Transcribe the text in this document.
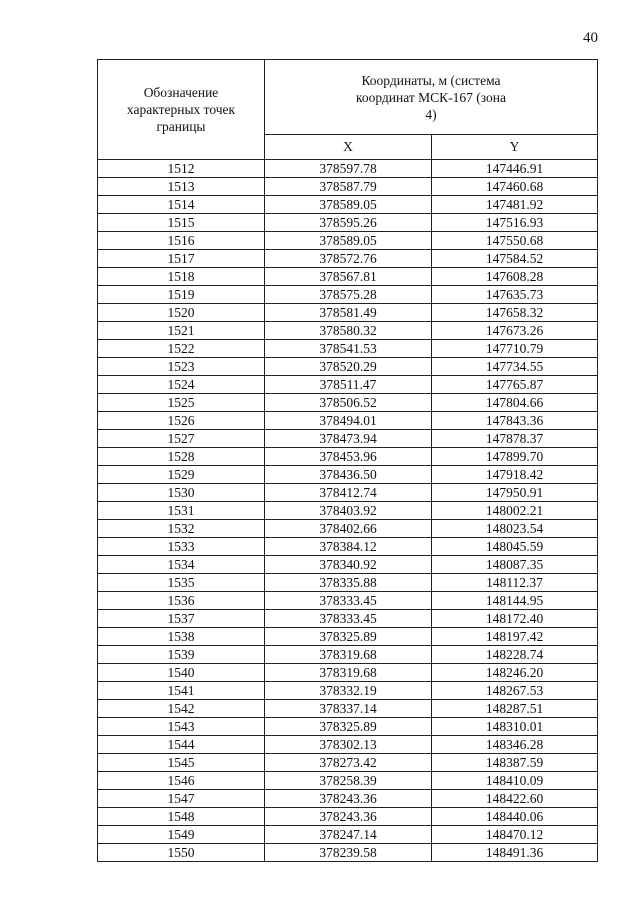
40
Обозначение характерных точек границы	Координаты, м (система координат МСК-167 (зона 4)	
	X	Y
1512	378597.78	147446.91
1513	378587.79	147460.68
1514	378589.05	147481.92
1515	378595.26	147516.93
1516	378589.05	147550.68
1517	378572.76	147584.52
1518	378567.81	147608.28
1519	378575.28	147635.73
1520	378581.49	147658.32
1521	378580.32	147673.26
1522	378541.53	147710.79
1523	378520.29	147734.55
1524	378511.47	147765.87
1525	378506.52	147804.66
1526	378494.01	147843.36
1527	378473.94	147878.37
1528	378453.96	147899.70
1529	378436.50	147918.42
1530	378412.74	147950.91
1531	378403.92	148002.21
1532	378402.66	148023.54
1533	378384.12	148045.59
1534	378340.92	148087.35
1535	378335.88	148112.37
1536	378333.45	148144.95
1537	378333.45	148172.40
1538	378325.89	148197.42
1539	378319.68	148228.74
1540	378319.68	148246.20
1541	378332.19	148267.53
1542	378337.14	148287.51
1543	378325.89	148310.01
1544	378302.13	148346.28
1545	378273.42	148387.59
1546	378258.39	148410.09
1547	378243.36	148422.60
1548	378243.36	148440.06
1549	378247.14	148470.12
1550	378239.58	148491.36
